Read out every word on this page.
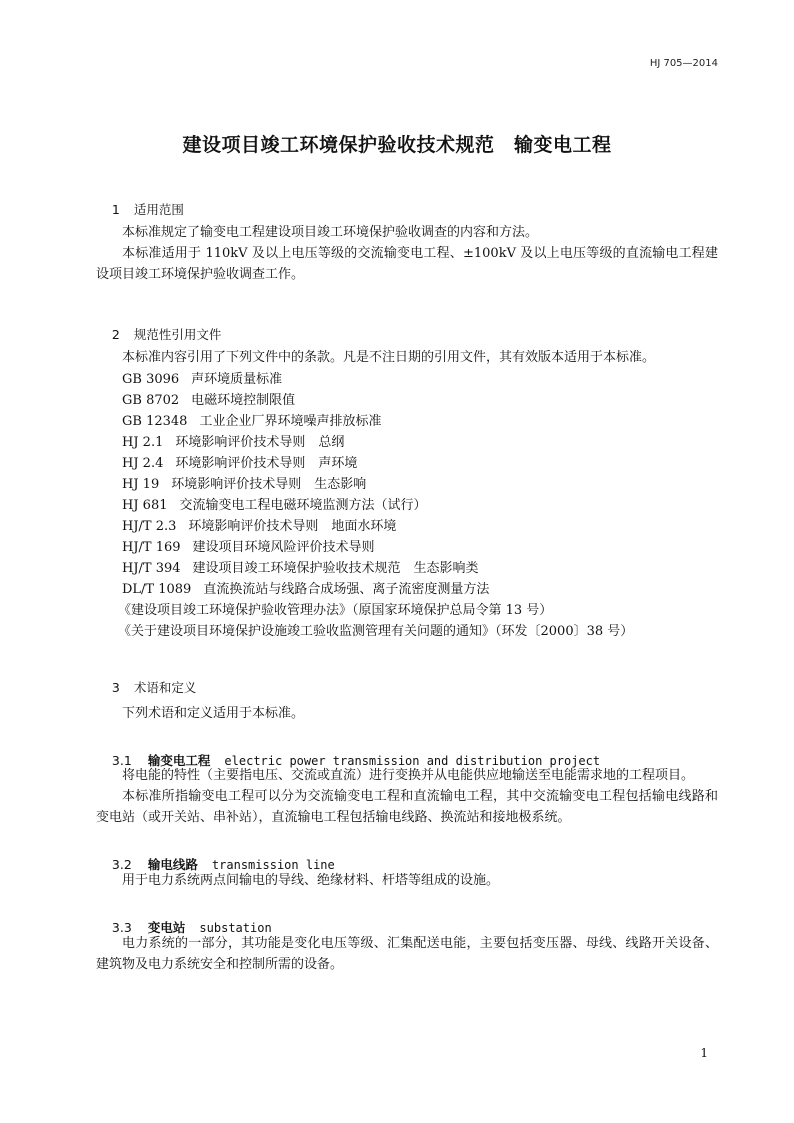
HJ 705—2014
建设项目竣工环境保护验收技术规范　输变电工程

1 适用范围

本标准规定了输变电工程建设项目竣工环境保护验收调查的内容和方法。
本标准适用于 110kV 及以上电压等级的交流输变电工程、±100kV 及以上电压等级的直流输电工程建设项目竣工环境保护验收调查工作。

2 规范性引用文件

本标准内容引用了下列文件中的条款。凡是不注日期的引用文件，其有效版本适用于本标准。
GB 3096 声环境质量标准
GB 8702 电磁环境控制限值
GB 12348 工业企业厂界环境噪声排放标准
HJ 2.1 环境影响评价技术导则　总纲
HJ 2.4 环境影响评价技术导则　声环境
HJ 19 环境影响评价技术导则　生态影响
HJ 681 交流输变电工程电磁环境监测方法（试行）
HJ/T 2.3 环境影响评价技术导则　地面水环境
HJ/T 169 建设项目环境风险评价技术导则
HJ/T 394 建设项目竣工环境保护验收技术规范　生态影响类
DL/T 1089 直流换流站与线路合成场强、离子流密度测量方法
《建设项目竣工环境保护验收管理办法》（原国家环境保护总局令第 13 号）
《关于建设项目环境保护设施竣工验收监测管理有关问题的通知》（环发〔2000〕38 号）

3 术语和定义

下列术语和定义适用于本标准。

3.1 输变电工程 electric power transmission and distribution project

将电能的特性（主要指电压、交流或直流）进行变换并从电能供应地输送至电能需求地的工程项目。
本标准所指输变电工程可以分为交流输变电工程和直流输电工程，其中交流输变电工程包括输电线路和变电站（或开关站、串补站），直流输电工程包括输电线路、换流站和接地极系统。

3.2 输电线路 transmission line

用于电力系统两点间输电的导线、绝缘材料、杆塔等组成的设施。

3.3 变电站 substation

电力系统的一部分，其功能是变化电压等级、汇集配送电能，主要包括变压器、母线、线路开关设备、建筑物及电力系统安全和控制所需的设备。
1
